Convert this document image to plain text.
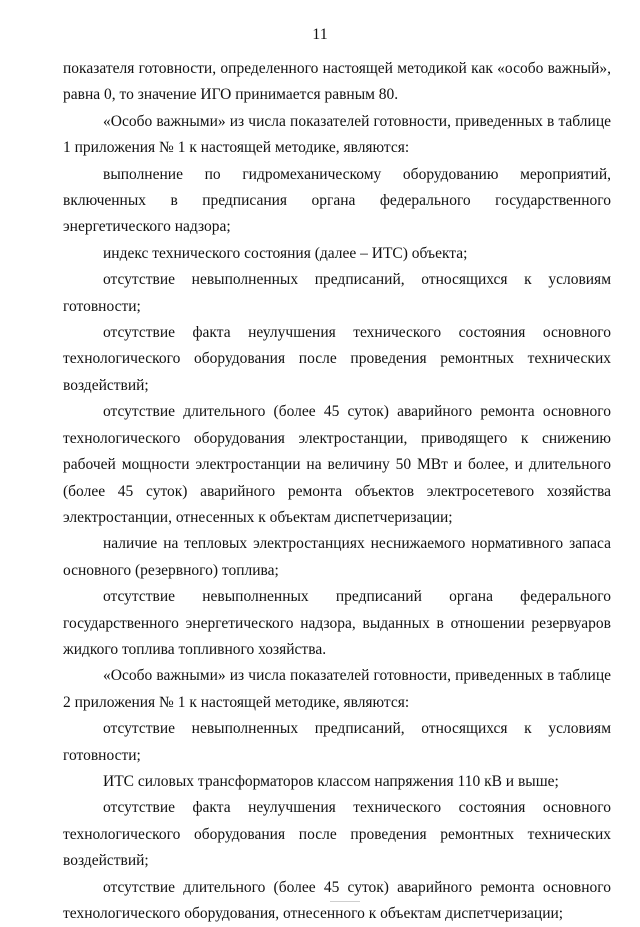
11

показателя готовности, определенного настоящей методикой как «особо важный», равна 0, то значение ИГО принимается равным 80.

«Особо важными» из числа показателей готовности, приведенных в таблице 1 приложения № 1 к настоящей методике, являются:

выполнение по гидромеханическому оборудованию мероприятий, включенных в предписания органа федерального государственного энергетического надзора;

индекс технического состояния (далее – ИТС) объекта;

отсутствие невыполненных предписаний, относящихся к условиям готовности;

отсутствие факта неулучшения технического состояния основного технологического оборудования после проведения ремонтных технических воздействий;

отсутствие длительного (более 45 суток) аварийного ремонта основного технологического оборудования электростанции, приводящего к снижению рабочей мощности электростанции на величину 50 МВт и более, и длительного (более 45 суток) аварийного ремонта объектов электросетевого хозяйства электростанции, отнесенных к объектам диспетчеризации;

наличие на тепловых электростанциях неснижаемого нормативного запаса основного (резервного) топлива;

отсутствие невыполненных предписаний органа федерального государственного энергетического надзора, выданных в отношении резервуаров жидкого топлива топливного хозяйства.

«Особо важными» из числа показателей готовности, приведенных в таблице 2 приложения № 1 к настоящей методике, являются:

отсутствие невыполненных предписаний, относящихся к условиям готовности;

ИТС силовых трансформаторов классом напряжения 110 кВ и выше;

отсутствие факта неулучшения технического состояния основного технологического оборудования после проведения ремонтных технических воздействий;

отсутствие длительного (более 45 суток) аварийного ремонта основного технологического оборудования, отнесенного к объектам диспетчеризации;
